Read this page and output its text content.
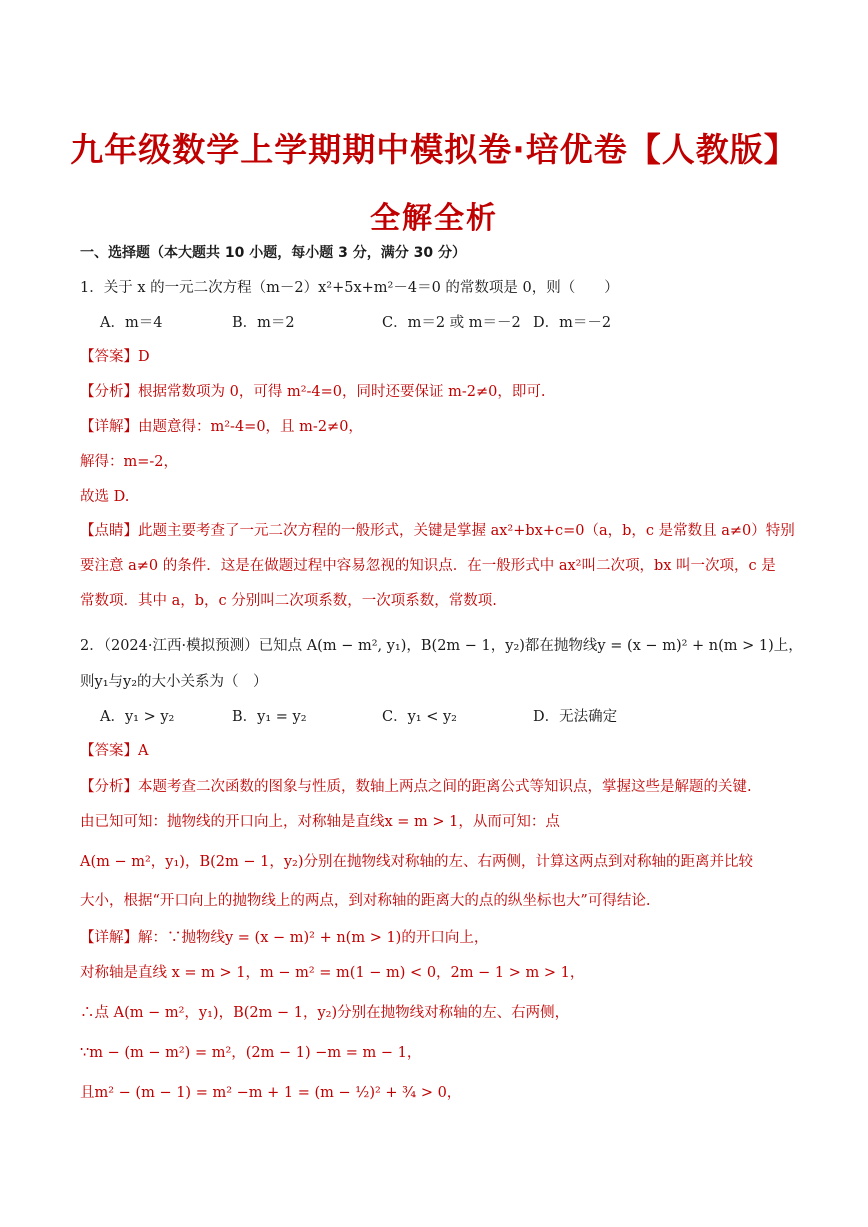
九年级数学上学期期中模拟卷·培优卷【人教版】
全解全析
一、选择题（本大题共 10 小题，每小题 3 分，满分 30 分）
1．关于 x 的一元二次方程（m－2）x²+5x+m²－4＝0 的常数项是 0，则（　　）
A．m＝4	B．m＝2	C．m＝2 或 m＝－2 D．m＝－2
【答案】D
【分析】根据常数项为 0，可得 m²-4=0，同时还要保证 m-2≠0，即可.
【详解】由题意得：m²-4=0，且 m-2≠0，
解得：m=-2，
故选 D.
【点睛】此题主要考查了一元二次方程的一般形式，关键是掌握 ax²+bx+c=0（a，b，c 是常数且 a≠0）特别
要注意 a≠0 的条件．这是在做题过程中容易忽视的知识点．在一般形式中 ax²叫二次项，bx 叫一次项，c 是
常数项．其中 a，b，c 分别叫二次项系数，一次项系数，常数项.
2．（2024·江西·模拟预测）已知点 A(m − m², y₁)，B(2m − 1，y₂)都在抛物线y = (x − m)² + n(m > 1)上，
则y₁与y₂的大小关系为（　）
A．y₁ > y₂	B．y₁ = y₂	C．y₁ < y₂	D．无法确定
【答案】A
【分析】本题考查二次函数的图象与性质，数轴上两点之间的距离公式等知识点，掌握这些是解题的关键.
由已知可知：抛物线的开口向上，对称轴是直线x = m > 1，从而可知：点
A(m − m²，y₁)，B(2m − 1，y₂)分别在抛物线对称轴的左、右两侧，计算这两点到对称轴的距离并比较
大小，根据“开口向上的抛物线上的两点，到对称轴的距离大的点的纵坐标也大”可得结论.
【详解】解：∵抛物线y = (x − m)² + n(m > 1)的开口向上，
对称轴是直线 x = m > 1，m − m² = m(1 − m) < 0，2m − 1 > m > 1，
∴点 A(m − m²，y₁)，B(2m − 1，y₂)分别在抛物线对称轴的左、右两侧，
∵m − (m − m²) = m²，(2m − 1) −m = m − 1，
且m² − (m − 1) = m² −m + 1 = (m − ½)² + ¾ > 0，
